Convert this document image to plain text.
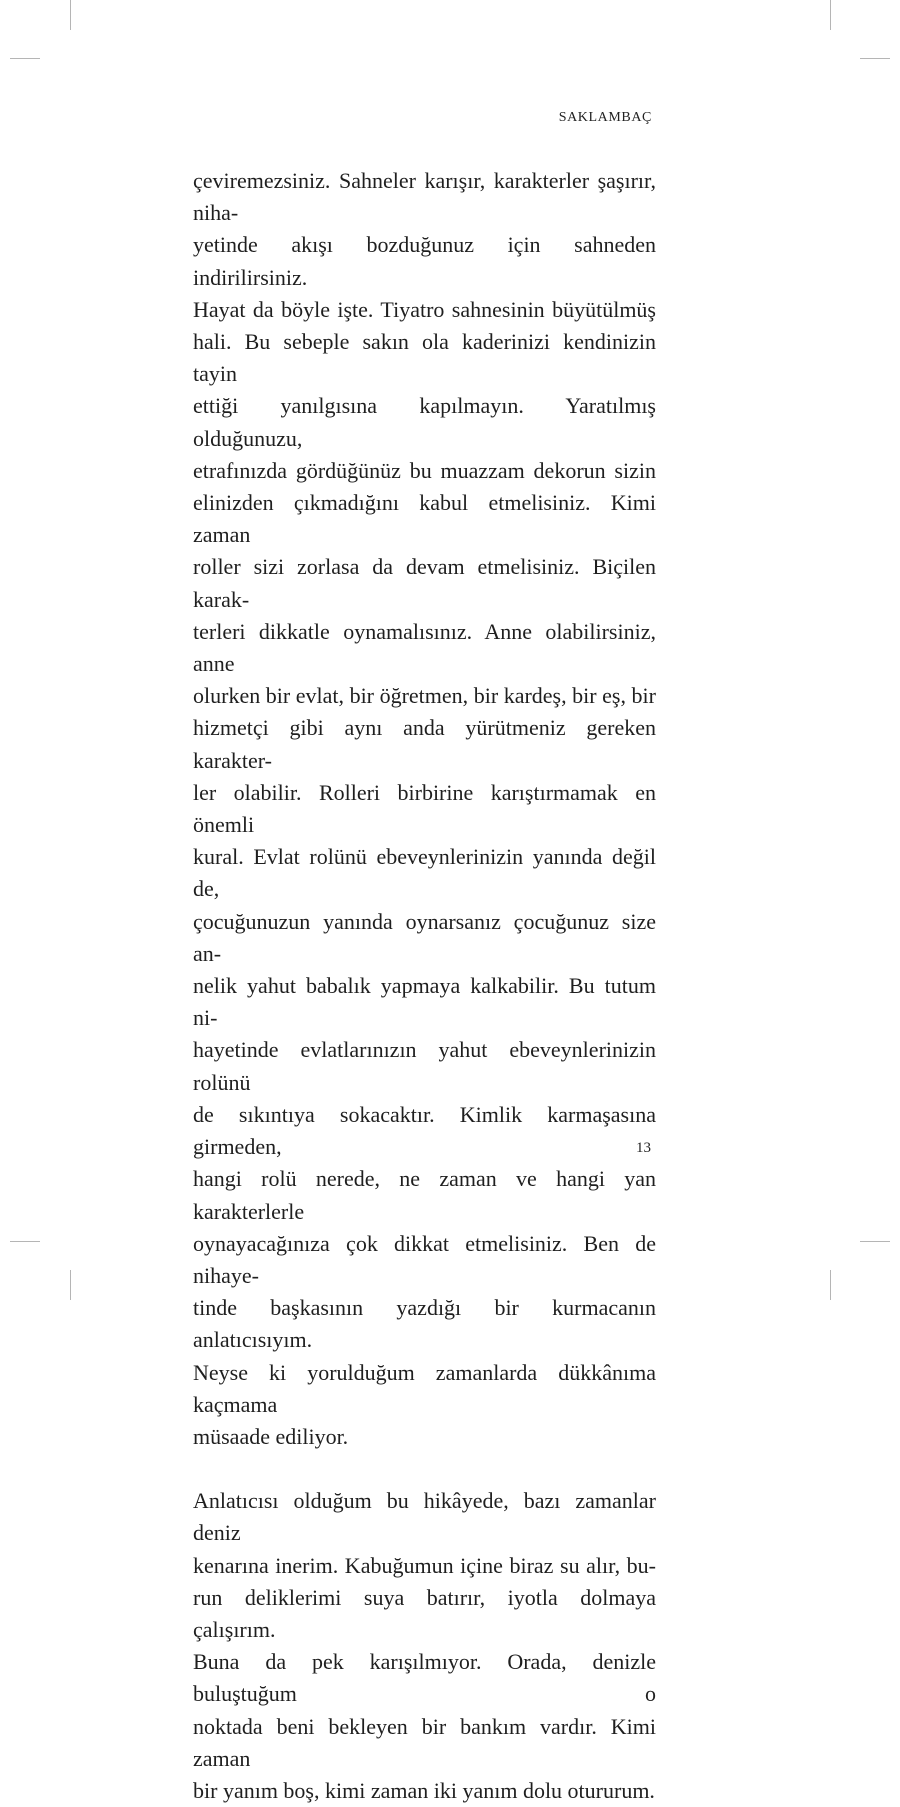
SAKLAMBAÇ

çeviremezsiniz. Sahneler karışır, karakterler şaşırır, niha-
yetinde akışı bozduğunuz için sahneden indirilirsiniz.
Hayat da böyle işte. Tiyatro sahnesinin büyütülmüş
hali. Bu sebeple sakın ola kaderinizi kendinizin tayin
ettiği yanılgısına kapılmayın. Yaratılmış olduğunuzu,
etrafınızda gördüğünüz bu muazzam dekorun sizin
elinizden çıkmadığını kabul etmelisiniz. Kimi zaman
roller sizi zorlasa da devam etmelisiniz. Biçilen karak-
terleri dikkatle oynamalısınız. Anne olabilirsiniz, anne
olurken bir evlat, bir öğretmen, bir kardeş, bir eş, bir
hizmetçi gibi aynı anda yürütmeniz gereken karakter-
ler olabilir. Rolleri birbirine karıştırmamak en önemli
kural. Evlat rolünü ebeveynlerinizin yanında değil de,
çocuğunuzun yanında oynarsanız çocuğunuz size an-
nelik yahut babalık yapmaya kalkabilir. Bu tutum ni-
hayetinde evlatlarınızın yahut ebeveynlerinizin rolünü
de sıkıntıya sokacaktır. Kimlik karmaşasına girmeden,
hangi rolü nerede, ne zaman ve hangi yan karakterlerle
oynayacağınıza çok dikkat etmelisiniz. Ben de nihaye-
tinde başkasının yazdığı bir kurmacanın anlatıcısıyım.
Neyse ki yorulduğum zamanlarda dükkânıma kaçmama
müsaade ediliyor.

Anlatıcısı olduğum bu hikâyede, bazı zamanlar deniz
kenarına inerim. Kabuğumun içine biraz su alır, bu-
run deliklerimi suya batırır, iyotla dolmaya çalışırım.
Buna da pek karışılmıyor. Orada, denizle buluştuğum o
noktada beni bekleyen bir bankım vardır. Kimi zaman
bir yanım boş, kimi zaman iki yanım dolu otururum.

13
